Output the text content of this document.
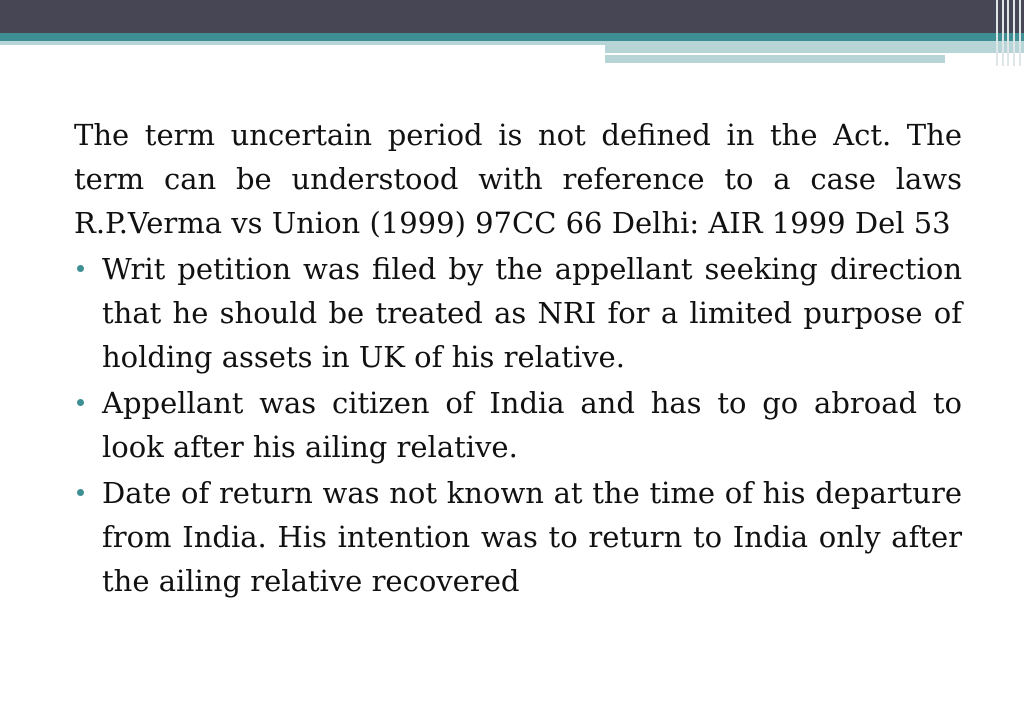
The term uncertain period is not defined in the Act. The term can be understood with reference to a case laws R.P.Verma vs Union (1999) 97CC 66 Delhi: AIR 1999 Del 53

Writ petition was filed by the appellant seeking direction that he should be treated as NRI for a limited purpose of holding assets in UK of his relative.
Appellant was citizen of India and has to go abroad to look after his ailing relative.
Date of return was not known at the time of his departure from India. His intention was to return to India only after the ailing relative recovered
